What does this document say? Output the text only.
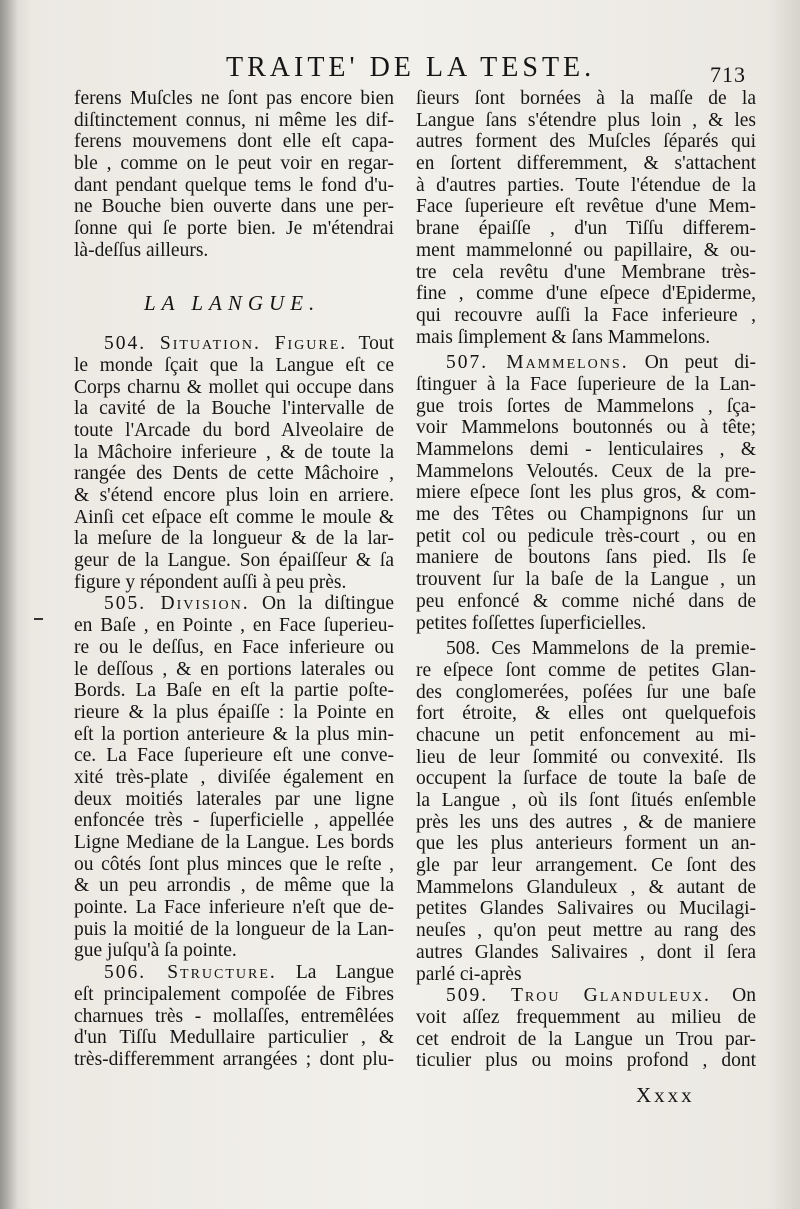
TRAITE' DE LA TESTE.	713
ferens Muſcles ne ſont pas encore bien
diſtinctement connus, ni même les dif-
ferens mouvemens dont elle eſt capa-
ble , comme on le peut voir en regar-
dant pendant quelque tems le fond d'u-
ne Bouche bien ouverte dans une per-
ſonne qui ſe porte bien. Je m'étendrai
là-deſſus ailleurs.
LA LANGUE.
504. Situation. Figure. Tout
le monde ſçait que la Langue eſt ce
Corps charnu & mollet qui occupe dans
la cavité de la Bouche l'intervalle de
toute l'Arcade du bord Alveolaire de
la Mâchoire inferieure , & de toute la
rangée des Dents de cette Mâchoire ,
& s'étend encore plus loin en arriere.
Ainſi cet eſpace eſt comme le moule &
la meſure de la longueur & de la lar-
geur de la Langue. Son épaiſſeur & ſa
figure y répondent auſſi à peu près.
505. Division. On la diſtingue
en Baſe , en Pointe , en Face ſuperieu-
re ou le deſſus, en Face inferieure ou
le deſſous , & en portions laterales ou
Bords. La Baſe en eſt la partie poſte-
rieure & la plus épaiſſe : la Pointe en
eſt la portion anterieure & la plus min-
ce. La Face ſuperieure eſt une conve-
xité très-plate , diviſée également en
deux moitiés laterales par une ligne
enfoncée très - ſuperficielle , appellée
Ligne Mediane de la Langue. Les bords
ou côtés ſont plus minces que le reſte ,
& un peu arrondis , de même que la
pointe. La Face inferieure n'eſt que de-
puis la moitié de la longueur de la Lan-
gue juſqu'à ſa pointe.
506. Structure. La Langue
eſt principalement compoſée de Fibres
charnues très - mollaſſes, entremêlées
d'un Tiſſu Medullaire particulier , &
très-differemment arrangées ; dont plu-
ſieurs ſont bornées à la maſſe de la
Langue ſans s'étendre plus loin , & les
autres forment des Muſcles ſéparés qui
en ſortent differemment, & s'attachent
à d'autres parties. Toute l'étendue de la
Face ſuperieure eſt revêtue d'une Mem-
brane épaiſſe , d'un Tiſſu differem-
ment mammelonné ou papillaire, & ou-
tre cela revêtu d'une Membrane très-
fine , comme d'une eſpece d'Epiderme,
qui recouvre auſſi la Face inferieure ,
mais ſimplement & ſans Mammelons.
507. Mammelons. On peut di-
ſtinguer à la Face ſuperieure de la Lan-
gue trois ſortes de Mammelons , ſça-
voir Mammelons boutonnés ou à tête;
Mammelons demi - lenticulaires , &
Mammelons Veloutés. Ceux de la pre-
miere eſpece ſont les plus gros, & com-
me des Têtes ou Champignons ſur un
petit col ou pedicule très-court , ou en
maniere de boutons ſans pied. Ils ſe
trouvent ſur la baſe de la Langue , un
peu enfoncé & comme niché dans de
petites foſſettes ſuperficielles.
508. Ces Mammelons de la premie-
re eſpece ſont comme de petites Glan-
des conglomerées, poſées ſur une baſe
fort étroite, & elles ont quelquefois
chacune un petit enfoncement au mi-
lieu de leur ſommité ou convexité. Ils
occupent la ſurface de toute la baſe de
la Langue , où ils ſont ſitués enſemble
près les uns des autres , & de maniere
que les plus anterieurs forment un an-
gle par leur arrangement. Ce ſont des
Mammelons Glanduleux , & autant de
petites Glandes Salivaires ou Mucilagi-
neuſes , qu'on peut mettre au rang des
autres Glandes Salivaires , dont il ſera
parlé ci-après
509. Trou Glanduleux. On
voit aſſez frequemment au milieu de
cet endroit de la Langue un Trou par-
ticulier plus ou moins profond , dont
Xxxx
